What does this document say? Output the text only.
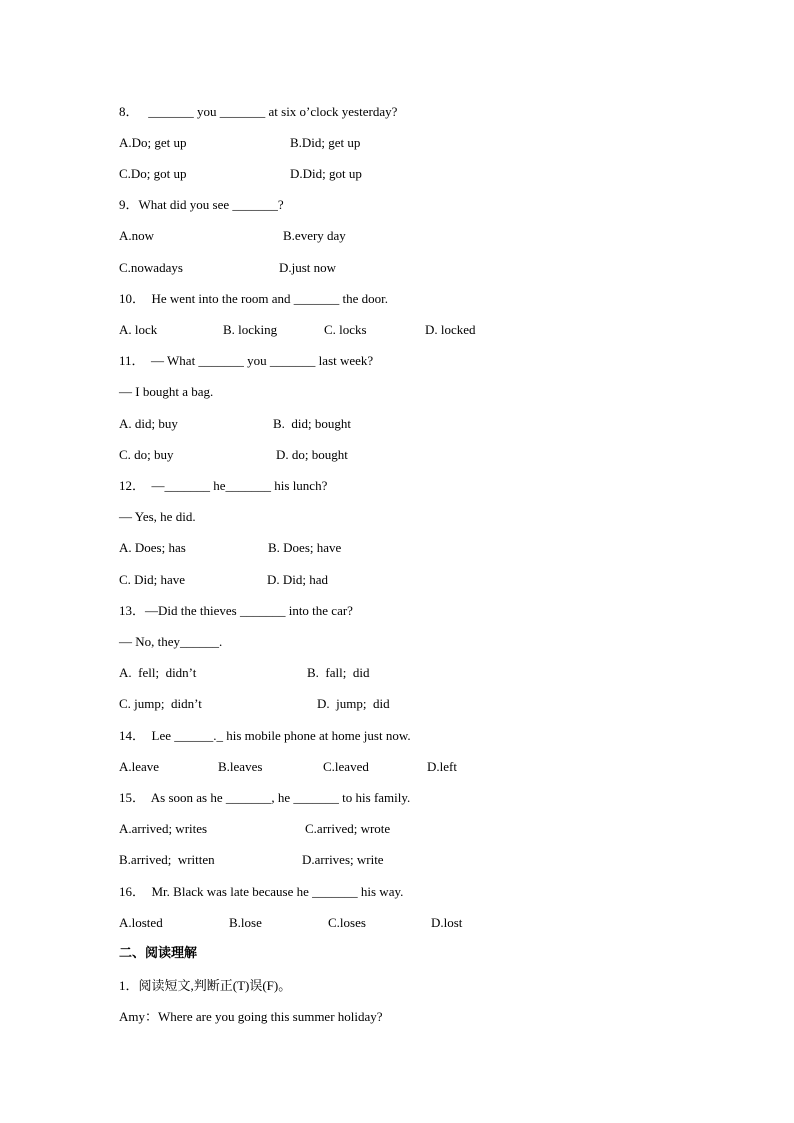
8．   _______ you _______ at six o’clock yesterday?
A.Do; get up	B.Did; get up
C.Do; got up	D.Did; got up
9．What did you see _______?
A.now	B.every day
C.nowadays	D.just now
10．  He went into the room and _______ the door.
A. lock	B. locking	C. locks	D. locked
11．  — What _______ you _______ last week?
— I bought a bag.
A. did; buy	B.  did; bought
C. do; buy	D. do; bought
12．  —_______ he_______ his lunch?
— Yes, he did.
A. Does; has	B. Does; have
C. Did; have	D. Did; had
13．—Did the thieves _______ into the car?
— No, they______.
A.  fell;  didn’t	B.  fall;  did
C. jump;  didn’t	D.  jump;  did
14．  Lee ______._ his mobile phone at home just now.
A.leave	B.leaves	C.leaved	D.left
15．  As soon as he _______, he _______ to his family.
A.arrived; writes	C.arrived; wrote
B.arrived;  written	D.arrives; write
16．  Mr. Black was late because he _______ his way.
A.losted	B.lose	C.loses	D.lost
二、阅读理解
1．阅读短文,判断正(T)误(F)。
Amy：Where are you going this summer holiday?
